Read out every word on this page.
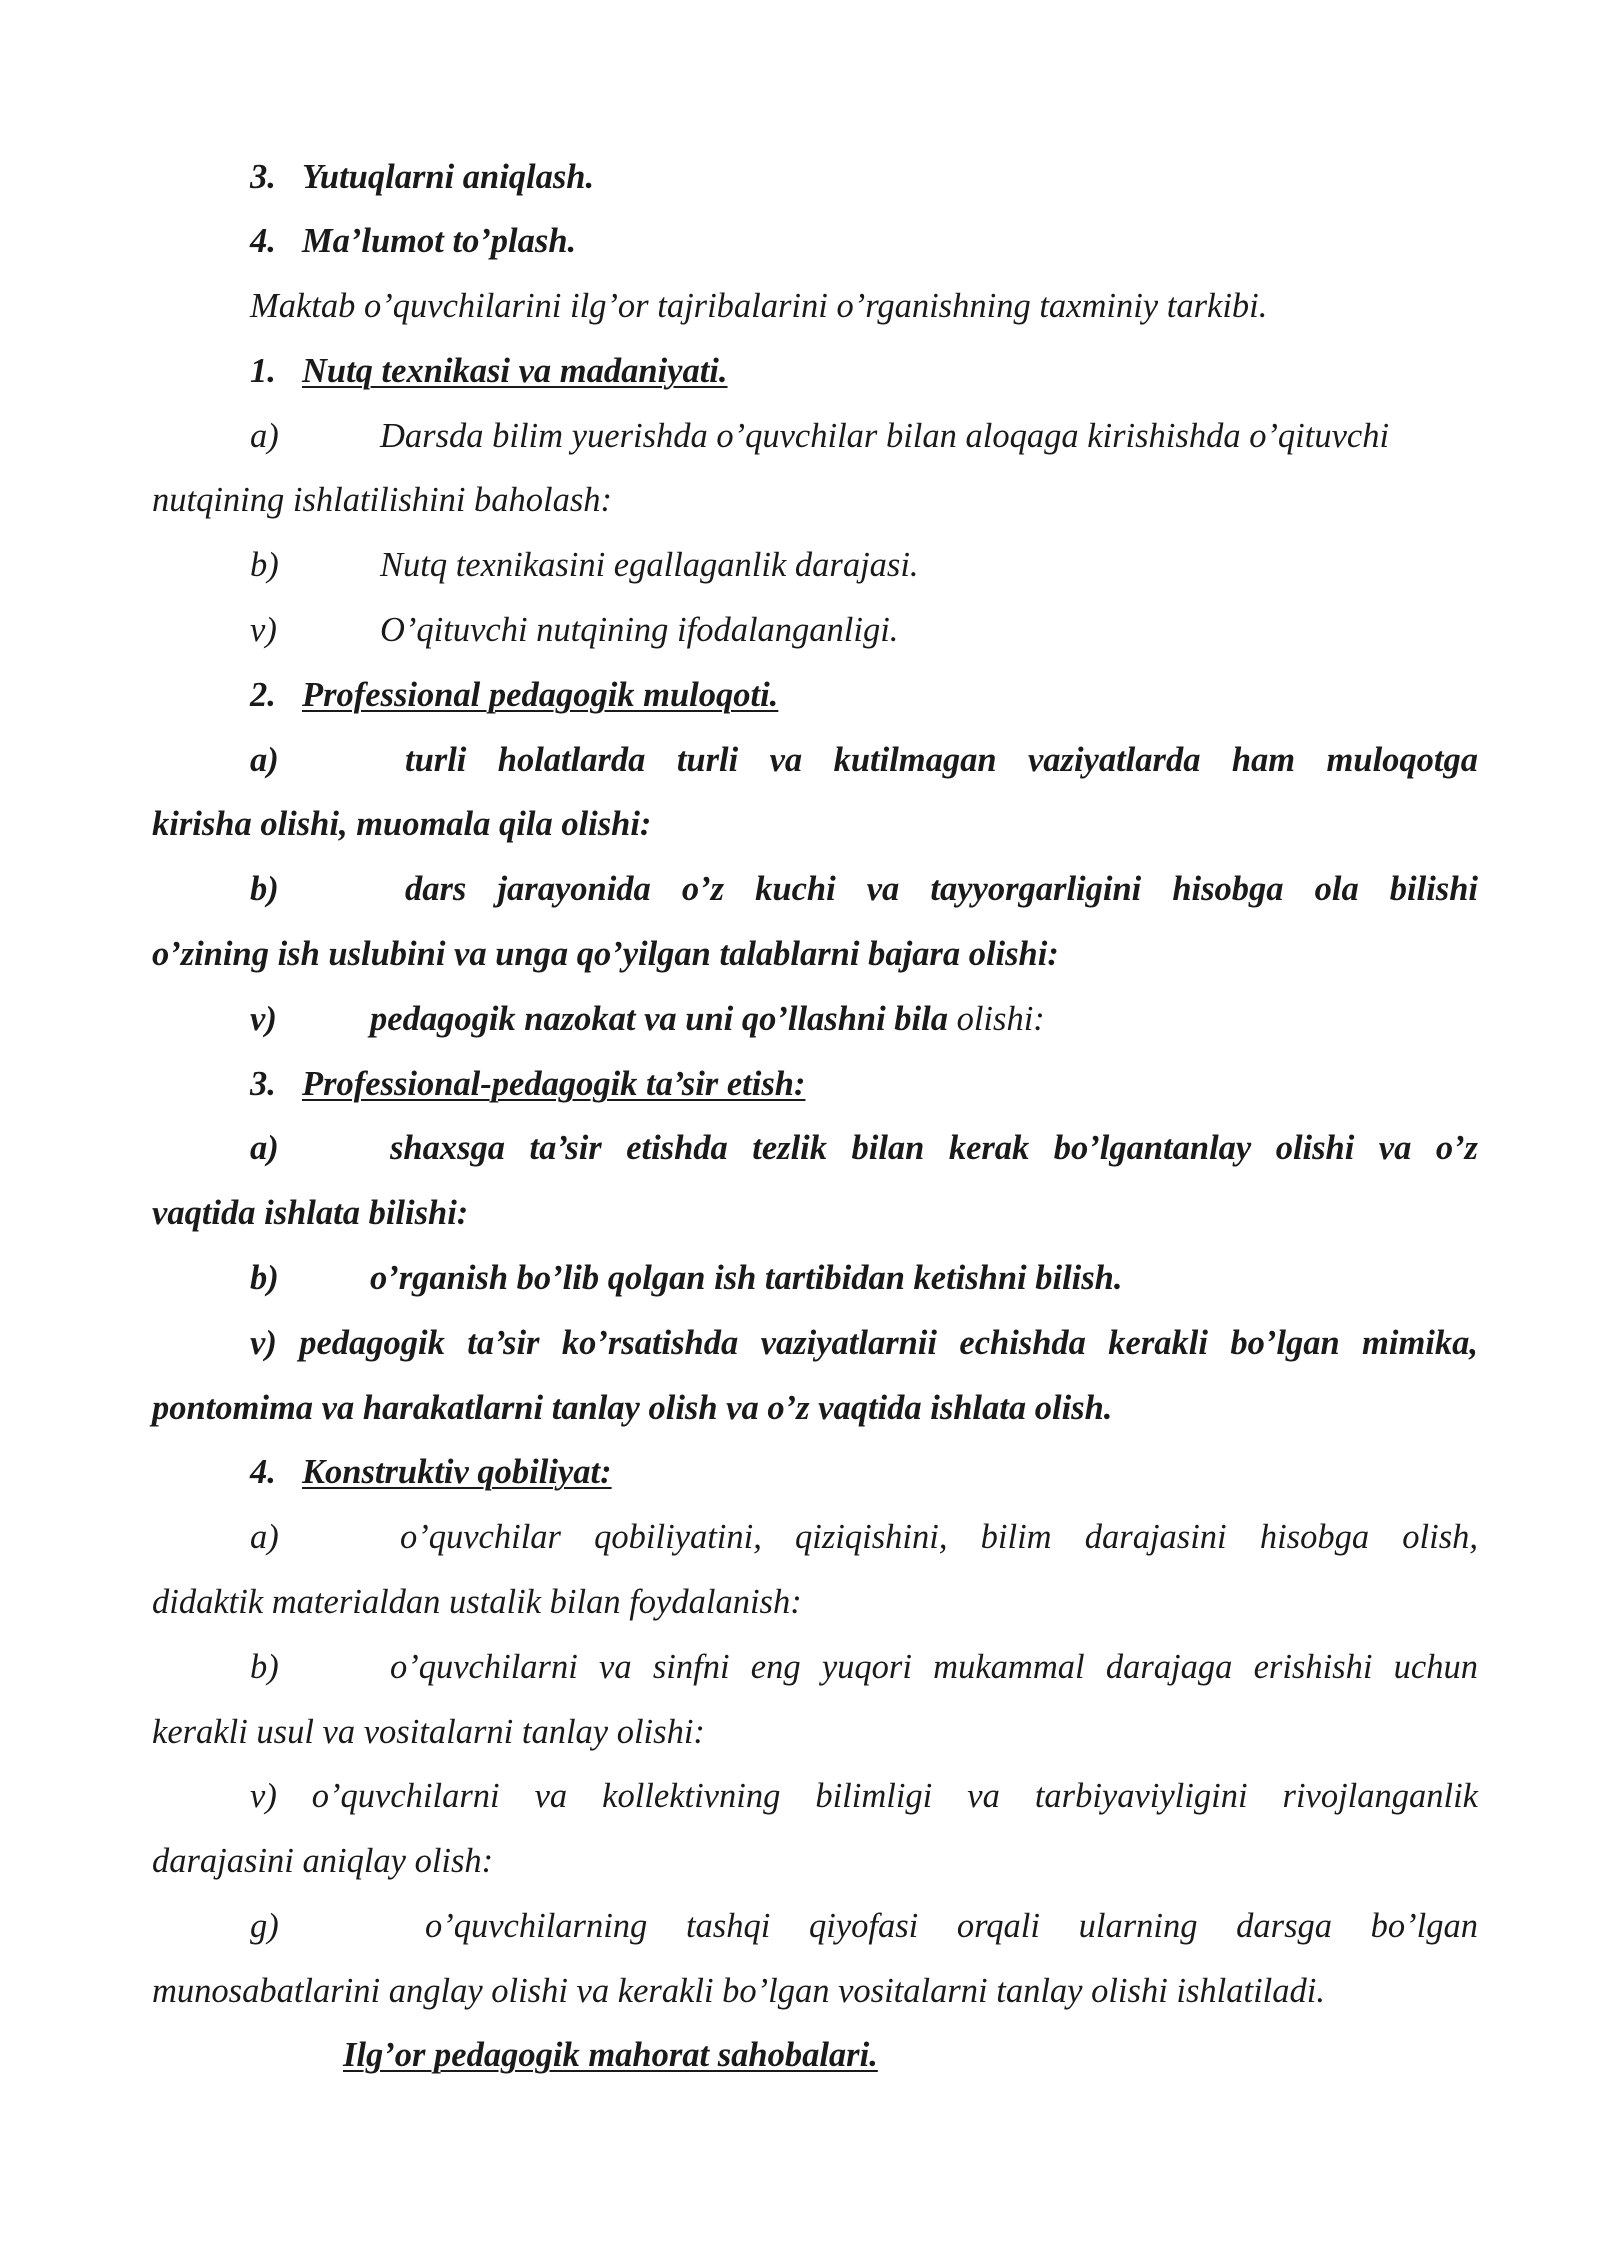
3. Yutuqlarni aniqlash.
4. Ma’lumot to’plash.
Maktab o’quvchilarini ilg’or tajribalarini o’rganishning taxminiy tarkibi.
1. Nutq texnikasi va madaniyati.
a)	Darsda bilim yuerishda o’quvchilar bilan aloqaga kirishishda o’qituvchi
nutqining ishlatilishini baholash:
b)	Nutq texnikasini egallaganlik darajasi.
v)	O’qituvchi nutqining ifodalanganligi.
2. Professional pedagogik muloqoti.
a)	turli holatlarda turli va kutilmagan vaziyatlarda ham muloqotga
kirisha olishi, muomala qila olishi:
b)	dars jarayonida o’z kuchi va tayyorgarligini hisobga ola bilishi
o’zining ish uslubini va unga qo’yilgan talablarni bajara olishi:
v)	pedagogik nazokat va uni qo’llashni bila olishi:
3. Professional-pedagogik ta’sir etish:
a)	shaxsga ta’sir etishda tezlik bilan kerak bo’lgantanlay olishi va o’z
vaqtida ishlata bilishi:
b)	o’rganish bo’lib qolgan ish tartibidan ketishni bilish.
v) pedagogik ta’sir ko’rsatishda vaziyatlarnii echishda kerakli bo’lgan mimika,
pontomima va harakatlarni tanlay olish va o’z vaqtida ishlata olish.
4. Konstruktiv qobiliyat:
a)	o’quvchilar qobiliyatini, qiziqishini, bilim darajasini hisobga olish,
didaktik materialdan ustalik bilan foydalanish:
b)	o’quvchilarni va sinfni eng yuqori mukammal darajaga erishishi uchun
kerakli usul va vositalarni tanlay olishi:
v) o’quvchilarni va kollektivning bilimligi va tarbiyaviyligini rivojlanganlik
darajasini aniqlay olish:
g)	o’quvchilarning tashqi qiyofasi orqali ularning darsga bo’lgan
munosabatlarini anglay olishi va kerakli bo’lgan vositalarni tanlay olishi ishlatiladi.
Ilg’or pedagogik mahorat sahobalari.
